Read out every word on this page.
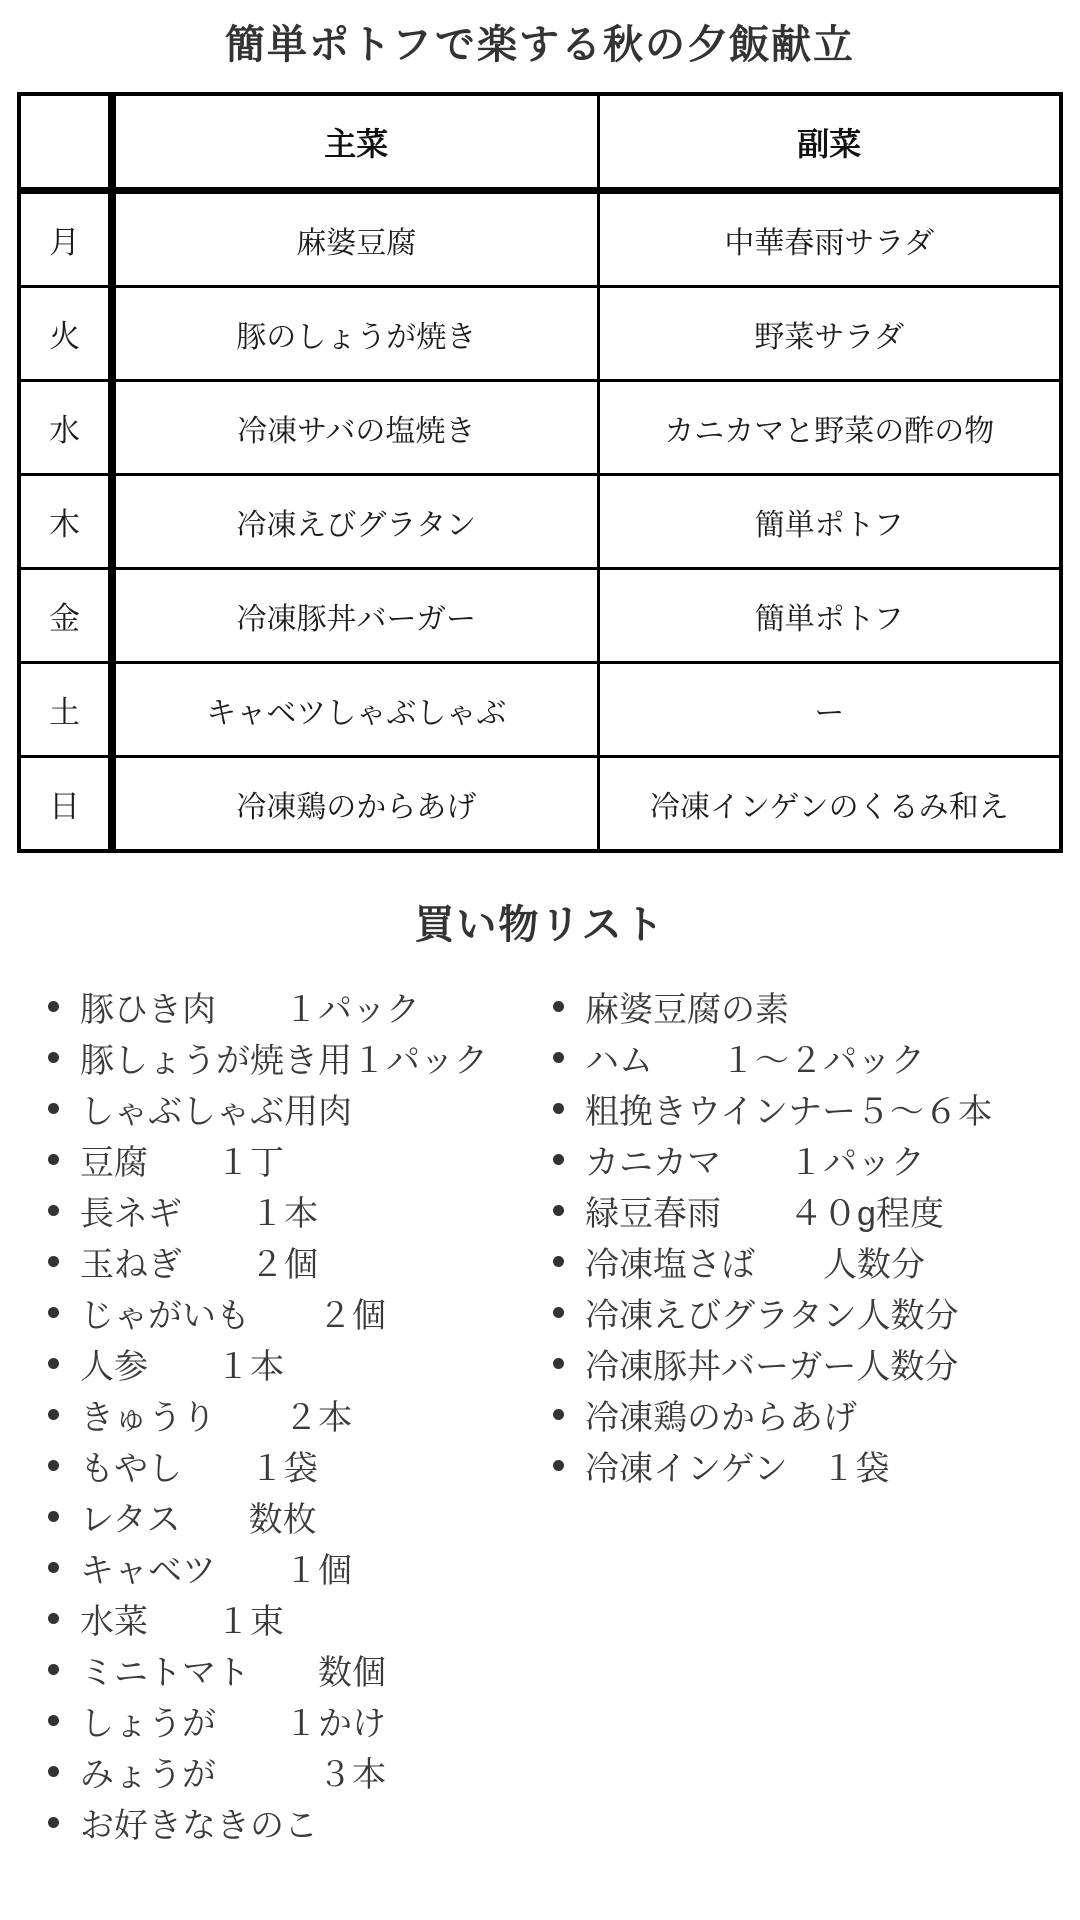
簡単ポトフで楽する秋の夕飯献立
	主菜	副菜
月	麻婆豆腐	中華春雨サラダ
火	豚のしょうが焼き	野菜サラダ
水	冷凍サバの塩焼き	カニカマと野菜の酢の物
木	冷凍えびグラタン	簡単ポトフ
金	冷凍豚丼バーガー	簡単ポトフ
土	キャベツしゃぶしゃぶ	ー
日	冷凍鶏のからあげ	冷凍インゲンのくるみ和え
買い物リスト
豚ひき肉　　１パック
豚しょうが焼き用１パック
しゃぶしゃぶ用肉
豆腐　　１丁
長ネギ　　１本
玉ねぎ　　２個
じゃがいも　　２個
人参　　１本
きゅうり　　２本
もやし　　１袋
レタス　　数枚
キャベツ　　１個
水菜　　１束
ミニトマト　　数個
しょうが　　１かけ
みょうが　　　３本
お好きなきのこ
麻婆豆腐の素
ハム　　１〜２パック
粗挽きウインナー５〜６本
カニカマ　　１パック
緑豆春雨　　４０g程度
冷凍塩さば　　人数分
冷凍えびグラタン人数分
冷凍豚丼バーガー人数分
冷凍鶏のからあげ
冷凍インゲン　１袋
